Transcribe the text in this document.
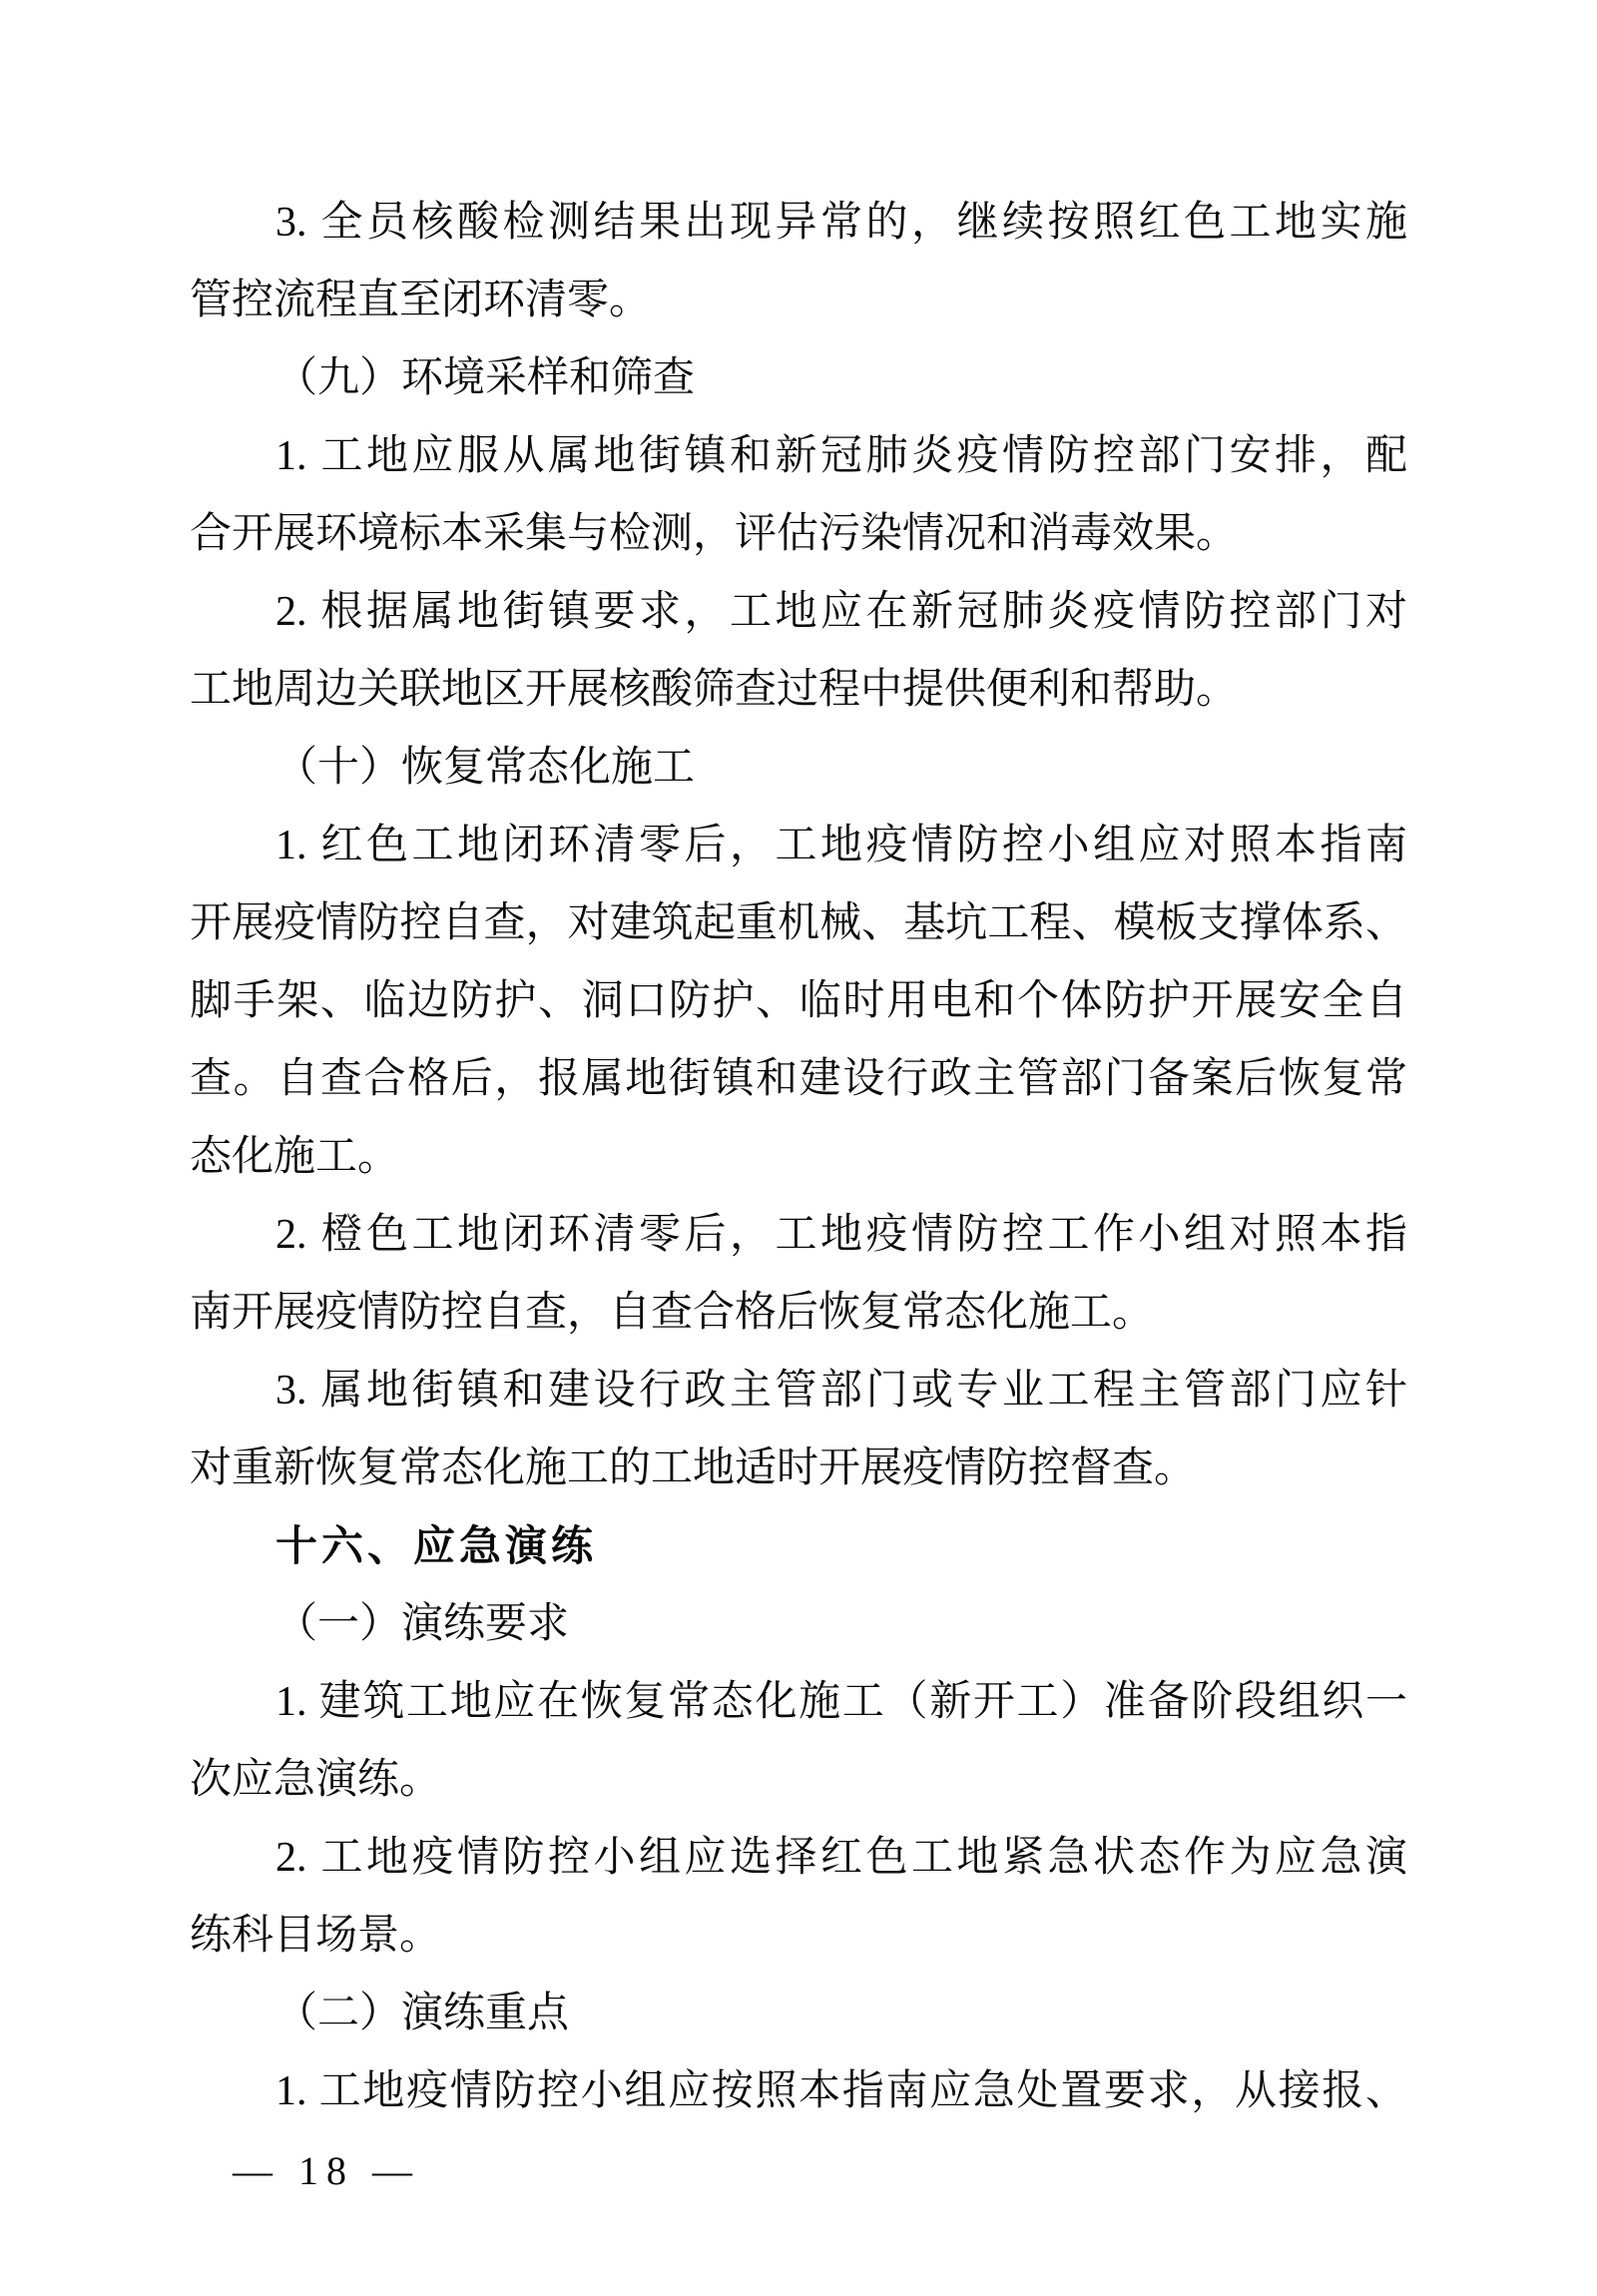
3. 全员核酸检测结果出现异常的，继续按照红色工地实施
管控流程直至闭环清零。
（九）环境采样和筛查
1. 工地应服从属地街镇和新冠肺炎疫情防控部门安排，配
合开展环境标本采集与检测，评估污染情况和消毒效果。
2. 根据属地街镇要求，工地应在新冠肺炎疫情防控部门对
工地周边关联地区开展核酸筛查过程中提供便利和帮助。
（十）恢复常态化施工
1. 红色工地闭环清零后，工地疫情防控小组应对照本指南
开展疫情防控自查，对建筑起重机械、基坑工程、模板支撑体系、
脚手架、临边防护、洞口防护、临时用电和个体防护开展安全自
查。自查合格后，报属地街镇和建设行政主管部门备案后恢复常
态化施工。
2. 橙色工地闭环清零后，工地疫情防控工作小组对照本指
南开展疫情防控自查，自查合格后恢复常态化施工。
3. 属地街镇和建设行政主管部门或专业工程主管部门应针
对重新恢复常态化施工的工地适时开展疫情防控督查。
十六、应急演练
（一）演练要求
1. 建筑工地应在恢复常态化施工（新开工）准备阶段组织一
次应急演练。
2. 工地疫情防控小组应选择红色工地紧急状态作为应急演
练科目场景。
（二）演练重点
1. 工地疫情防控小组应按照本指南应急处置要求，从接报、
— 18 —
